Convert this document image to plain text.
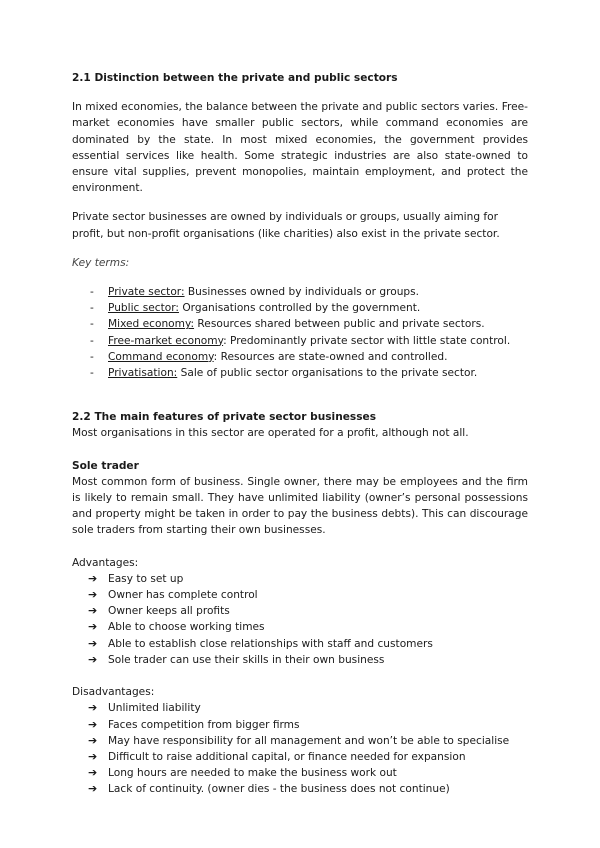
2.1 Distinction between the private and public sectors

In mixed economies, the balance between the private and public sectors varies. Free-market economies have smaller public sectors, while command economies are dominated by the state. In most mixed economies, the government provides essential services like health. Some strategic industries are also state-owned to ensure vital supplies, prevent monopolies, maintain employment, and protect the environment.

Private sector businesses are owned by individuals or groups, usually aiming for profit, but non-profit organisations (like charities) also exist in the private sector.

Key terms:

- Private sector: Businesses owned by individuals or groups.
- Public sector: Organisations controlled by the government.
- Mixed economy: Resources shared between public and private sectors.
- Free-market economy: Predominantly private sector with little state control.
- Command economy: Resources are state-owned and controlled.
- Privatisation: Sale of public sector organisations to the private sector.

2.2 The main features of private sector businesses

Most organisations in this sector are operated for a profit, although not all.

Sole trader

Most common form of business. Single owner, there may be employees and the firm is likely to remain small. They have unlimited liability (owner’s personal possessions and property might be taken in order to pay the business debts). This can discourage sole traders from starting their own businesses.

Advantages:

➔ Easy to set up
➔ Owner has complete control
➔ Owner keeps all profits
➔ Able to choose working times
➔ Able to establish close relationships with staff and customers
➔ Sole trader can use their skills in their own business

Disadvantages:

➔ Unlimited liability
➔ Faces competition from bigger firms
➔ May have responsibility for all management and won’t be able to specialise
➔ Difficult to raise additional capital, or finance needed for expansion
➔ Long hours are needed to make the business work out
➔ Lack of continuity. (owner dies - the business does not continue)
